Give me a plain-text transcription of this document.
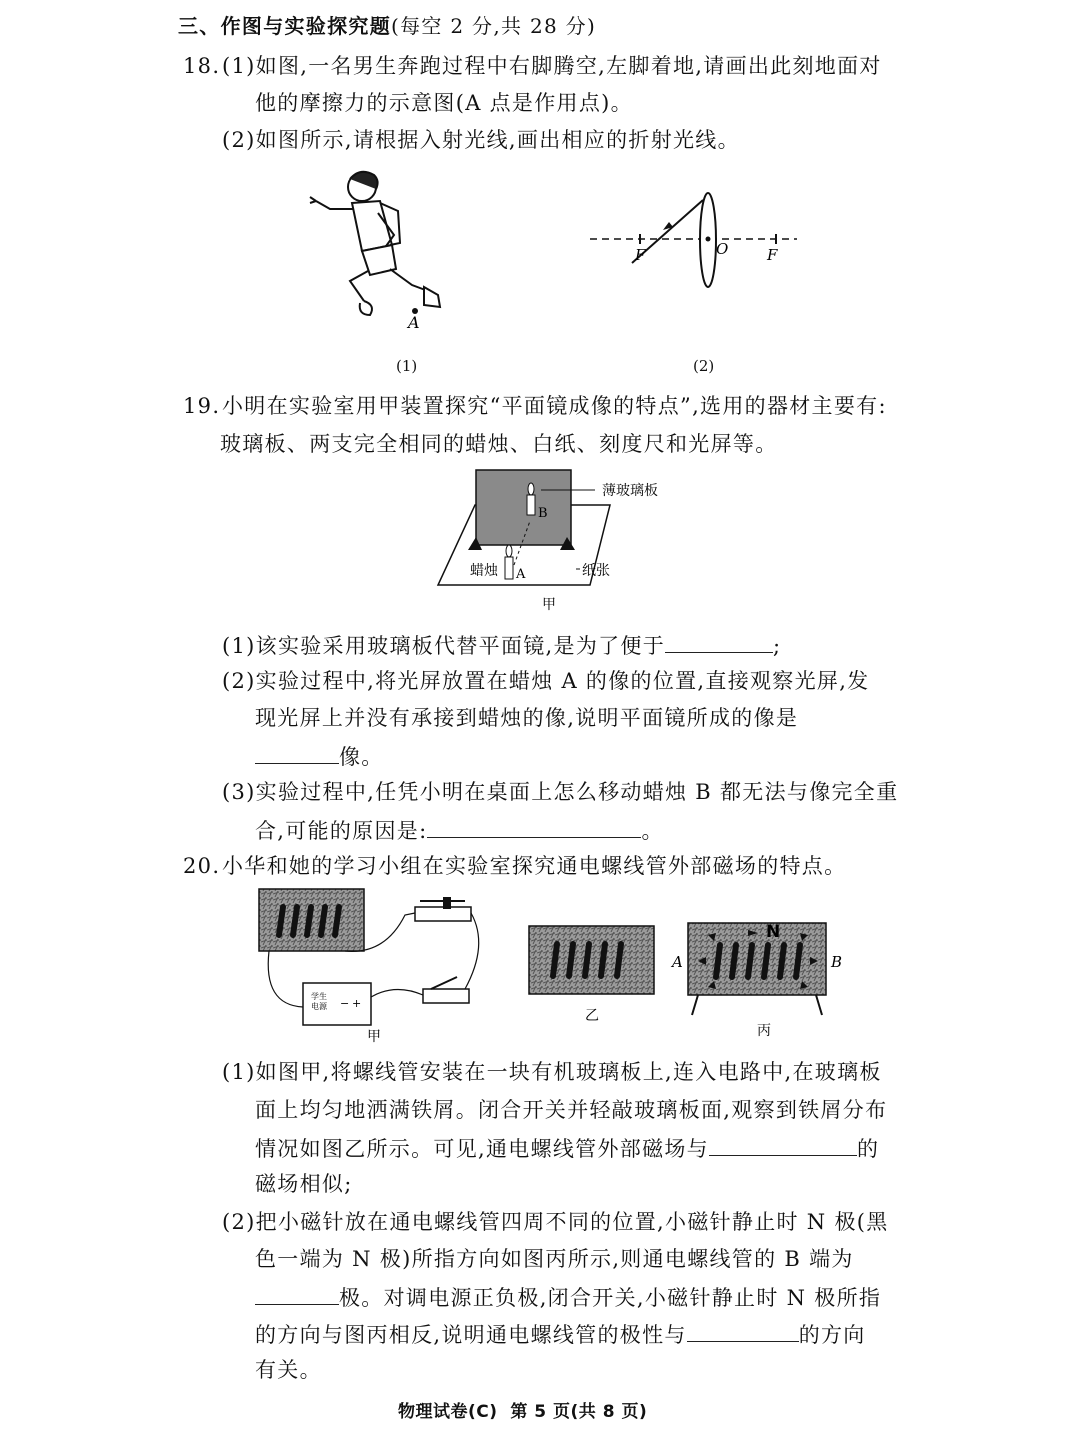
三、作图与实验探究题(每空 2 分,共 28 分)
18. (1)如图,一名男生奔跑过程中右脚腾空,左脚着地,请画出此刻地面对
他的摩擦力的示意图(A 点是作用点)。
(2)如图所示,请根据入射光线,画出相应的折射光线。
A
(1)
F	O	F
(2)
19. 小明在实验室用甲装置探究“平面镜成像的特点”,选用的器材主要有:
玻璃板、两支完全相同的蜡烛、白纸、刻度尺和光屏等。
B
A
薄玻璃板
蜡烛	纸张
甲
(1)该实验采用玻璃板代替平面镜,是为了便于	;
(2)实验过程中,将光屏放置在蜡烛 A 的像的位置,直接观察光屏,发
现光屏上并没有承接到蜡烛的像,说明平面镜所成的像是
像。
(3)实验过程中,任凭小明在桌面上怎么移动蜡烛 B 都无法与像完全重
合,可能的原因是:	。
20. 小华和她的学习小组在实验室探究通电螺线管外部磁场的特点。
学生
电源 − +
甲
乙
N
A	B
丙
(1)如图甲,将螺线管安装在一块有机玻璃板上,连入电路中,在玻璃板
面上均匀地洒满铁屑。闭合开关并轻敲玻璃板面,观察到铁屑分布
情况如图乙所示。可见,通电螺线管外部磁场与	的
磁场相似;
(2)把小磁针放在通电螺线管四周不同的位置,小磁针静止时 N 极(黑
色一端为 N 极)所指方向如图丙所示,则通电螺线管的 B 端为
极。对调电源正负极,闭合开关,小磁针静止时 N 极所指
的方向与图丙相反,说明通电螺线管的极性与	的方向
有关。
物理试卷(C)  第 5 页(共 8 页)
